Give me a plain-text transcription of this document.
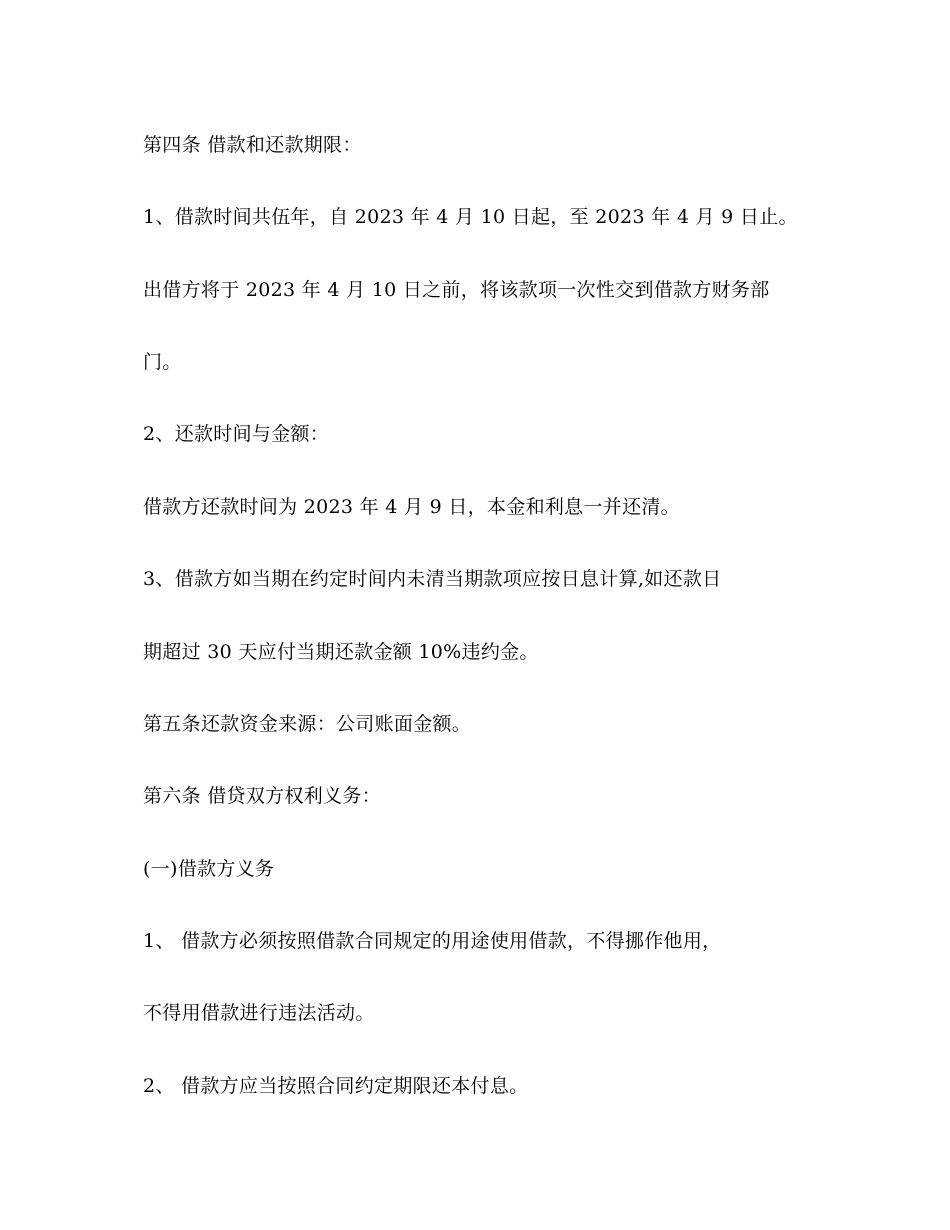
第四条 借款和还款期限：
1、借款时间共伍年，自 2023 年 4 月 10 日起，至 2023 年 4 月 9 日止。
出借方将于 2023 年 4 月 10 日之前，将该款项一次性交到借款方财务部
门。
2、还款时间与金额：
借款方还款时间为 2023 年 4 月 9 日，本金和利息一并还清。
3、借款方如当期在约定时间内未清当期款项应按日息计算,如还款日
期超过 30 天应付当期还款金额 10%违约金。
第五条还款资金来源：公司账面金额。
第六条 借贷双方权利义务：
(一)借款方义务
1、 借款方必须按照借款合同规定的用途使用借款，不得挪作他用，
不得用借款进行违法活动。
2、 借款方应当按照合同约定期限还本付息。
